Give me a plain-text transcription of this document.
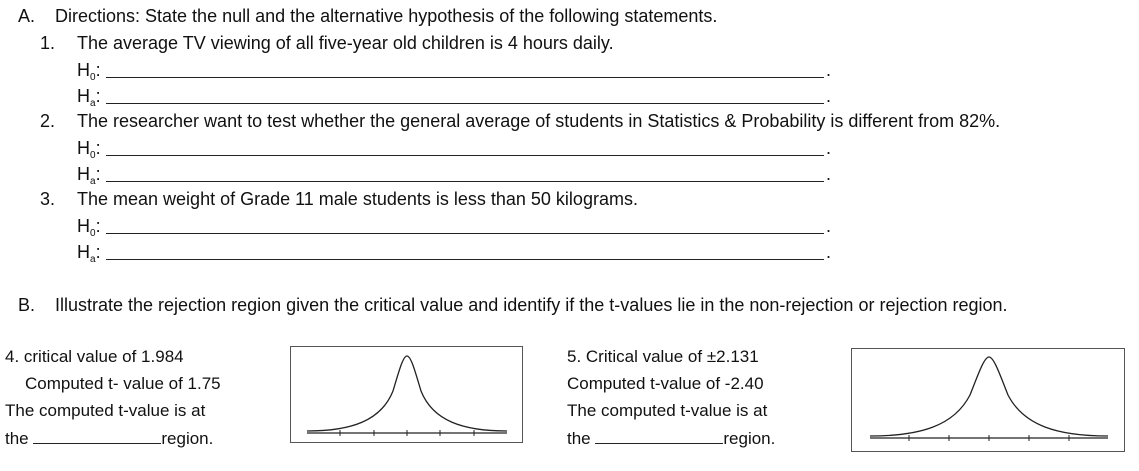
A. Directions: State the null and the alternative hypothesis of the following statements.
1. The average TV viewing of all five-year old children is 4 hours daily.
$H_0$:	.
$H_a$:	.
2. The researcher want to test whether the general average of students in Statistics & Probability is different from 82%.
$H_0$:	.
$H_a$:	.
3. The mean weight of Grade 11 male students is less than 50 kilograms.
$H_0$:	.
$H_a$:	.
B. Illustrate the rejection region given the critical value and identify if the t-values lie in the non-rejection or rejection region.
4. critical value of 1.984
Computed t- value of 1.75
The computed t-value is at
the	region.
5. Critical value of ±2.131
Computed t-value of -2.40
The computed t-value is at
the	region.
